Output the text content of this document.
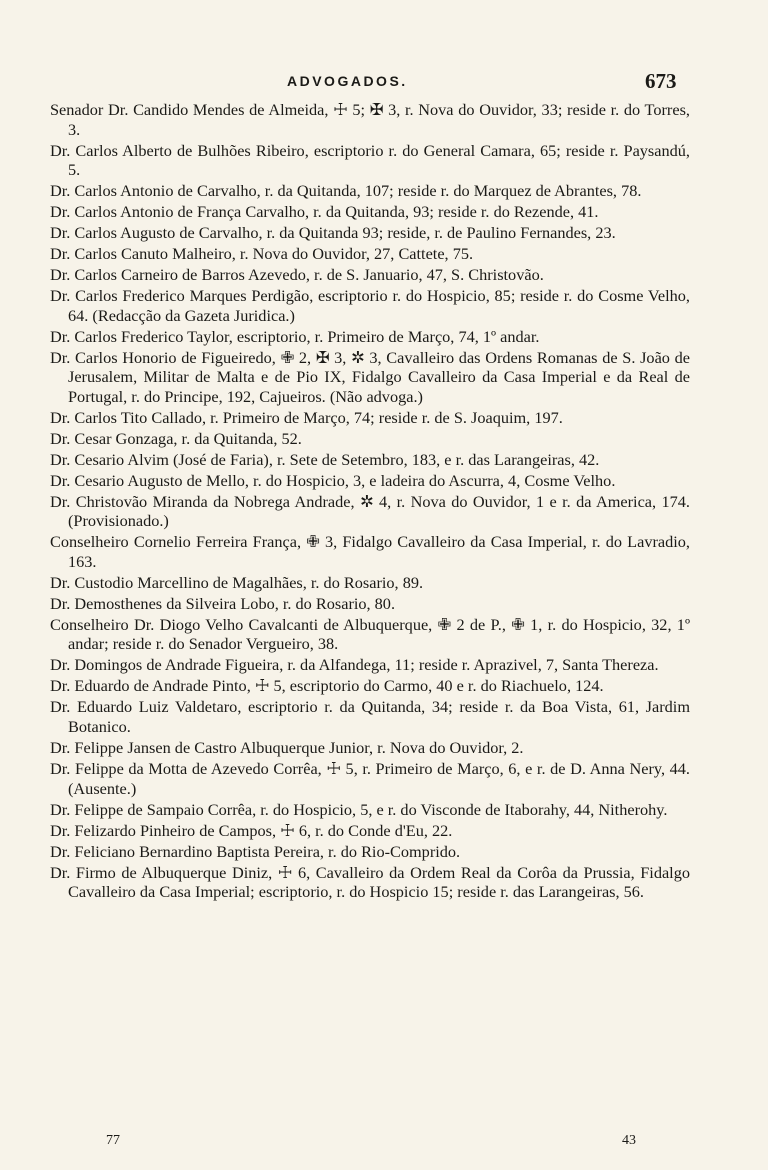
ADVOGADOS.	673

Senador Dr. Candido Mendes de Almeida, ☩ 5; ✠ 3, r. Nova do Ouvidor, 33; reside r. do Torres, 3.

Dr. Carlos Alberto de Bulhões Ribeiro, escriptorio r. do General Camara, 65; reside r. Paysandú, 5.

Dr. Carlos Antonio de Carvalho, r. da Quitanda, 107; reside r. do Marquez de Abrantes, 78.

Dr. Carlos Antonio de França Carvalho, r. da Quitanda, 93; reside r. do Rezende, 41.

Dr. Carlos Augusto de Carvalho, r. da Quitanda 93; reside, r. de Paulino Fernandes, 23.

Dr. Carlos Canuto Malheiro, r. Nova do Ouvidor, 27, Cattete, 75.

Dr. Carlos Carneiro de Barros Azevedo, r. de S. Januario, 47, S. Christovão.

Dr. Carlos Frederico Marques Perdigão, escriptorio r. do Hospicio, 85; reside r. do Cosme Velho, 64. (Redacção da Gazeta Juridica.)

Dr. Carlos Frederico Taylor, escriptorio, r. Primeiro de Março, 74, 1º andar.

Dr. Carlos Honorio de Figueiredo, ✙ 2, ✠ 3, ✲ 3, Cavalleiro das Ordens Romanas de S. João de Jerusalem, Militar de Malta e de Pio IX, Fidalgo Cavalleiro da Casa Imperial e da Real de Portugal, r. do Principe, 192, Cajueiros. (Não advoga.)

Dr. Carlos Tito Callado, r. Primeiro de Março, 74; reside r. de S. Joaquim, 197.

Dr. Cesar Gonzaga, r. da Quitanda, 52.

Dr. Cesario Alvim (José de Faria), r. Sete de Setembro, 183, e r. das Larangeiras, 42.

Dr. Cesario Augusto de Mello, r. do Hospicio, 3, e ladeira do Ascurra, 4, Cosme Velho.

Dr. Christovão Miranda da Nobrega Andrade, ✲ 4, r. Nova do Ouvidor, 1 e r. da America, 174. (Provisionado.)

Conselheiro Cornelio Ferreira França, ✙ 3, Fidalgo Cavalleiro da Casa Imperial, r. do Lavradio, 163.

Dr. Custodio Marcellino de Magalhães, r. do Rosario, 89.

Dr. Demosthenes da Silveira Lobo, r. do Rosario, 80.

Conselheiro Dr. Diogo Velho Cavalcanti de Albuquerque, ✙ 2 de P., ✙ 1, r. do Hospicio, 32, 1º andar; reside r. do Senador Vergueiro, 38.

Dr. Domingos de Andrade Figueira, r. da Alfandega, 11; reside r. Aprazivel, 7, Santa Thereza.

Dr. Eduardo de Andrade Pinto, ☩ 5, escriptorio do Carmo, 40 e r. do Riachuelo, 124.

Dr. Eduardo Luiz Valdetaro, escriptorio r. da Quitanda, 34; reside r. da Boa Vista, 61, Jardim Botanico.

Dr. Felippe Jansen de Castro Albuquerque Junior, r. Nova do Ouvidor, 2.

Dr. Felippe da Motta de Azevedo Corrêa, ☩ 5, r. Primeiro de Março, 6, e r. de D. Anna Nery, 44. (Ausente.)

Dr. Felippe de Sampaio Corrêa, r. do Hospicio, 5, e r. do Visconde de Itaborahy, 44, Nitherohy.

Dr. Felizardo Pinheiro de Campos, ☩ 6, r. do Conde d'Eu, 22.

Dr. Feliciano Bernardino Baptista Pereira, r. do Rio-Comprido.

Dr. Firmo de Albuquerque Diniz, ☩ 6, Cavalleiro da Ordem Real da Corôa da Prussia, Fidalgo Cavalleiro da Casa Imperial; escriptorio, r. do Hospicio 15; reside r. das Larangeiras, 56.

77	43
